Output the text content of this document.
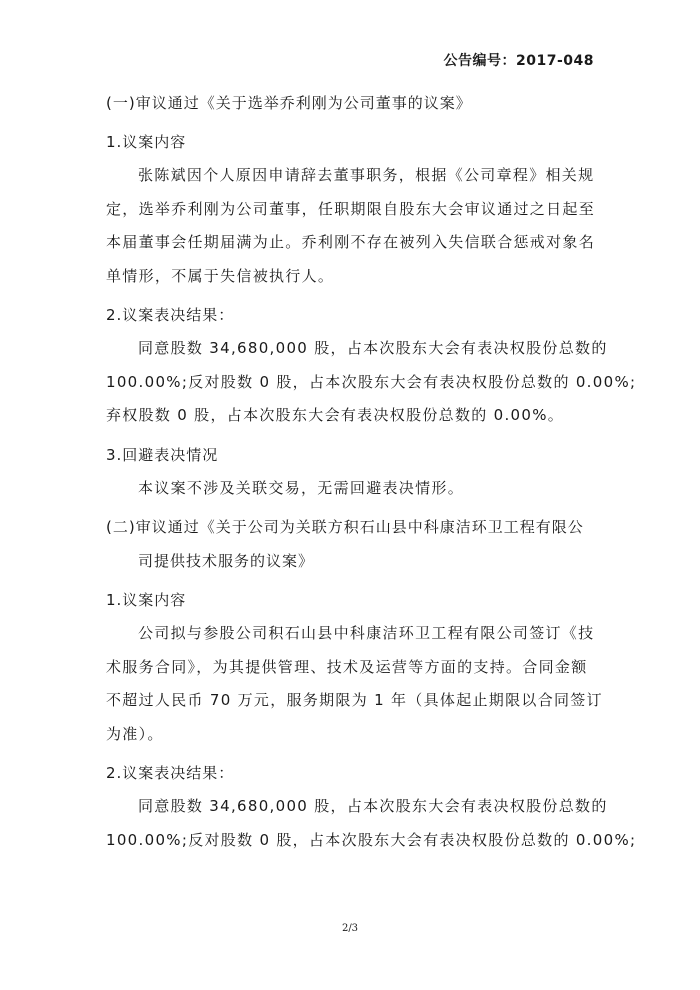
公告编号：2017-048
(一)审议通过《关于选举乔利刚为公司董事的议案》
1.议案内容
张陈斌因个人原因申请辞去董事职务，根据《公司章程》相关规
定，选举乔利刚为公司董事，任职期限自股东大会审议通过之日起至
本届董事会任期届满为止。乔利刚不存在被列入失信联合惩戒对象名
单情形，不属于失信被执行人。
2.议案表决结果：
同意股数 34,680,000 股，占本次股东大会有表决权股份总数的
100.00%;反对股数 0 股，占本次股东大会有表决权股份总数的 0.00%;
弃权股数 0 股，占本次股东大会有表决权股份总数的 0.00%。
3.回避表决情况
本议案不涉及关联交易，无需回避表决情形。
(二)审议通过《关于公司为关联方积石山县中科康洁环卫工程有限公
司提供技术服务的议案》
1.议案内容
公司拟与参股公司积石山县中科康洁环卫工程有限公司签订《技
术服务合同》，为其提供管理、技术及运营等方面的支持。合同金额
不超过人民币 70 万元，服务期限为 1 年（具体起止期限以合同签订
为准）。
2.议案表决结果：
同意股数 34,680,000 股，占本次股东大会有表决权股份总数的
100.00%;反对股数 0 股，占本次股东大会有表决权股份总数的 0.00%;
2/3
